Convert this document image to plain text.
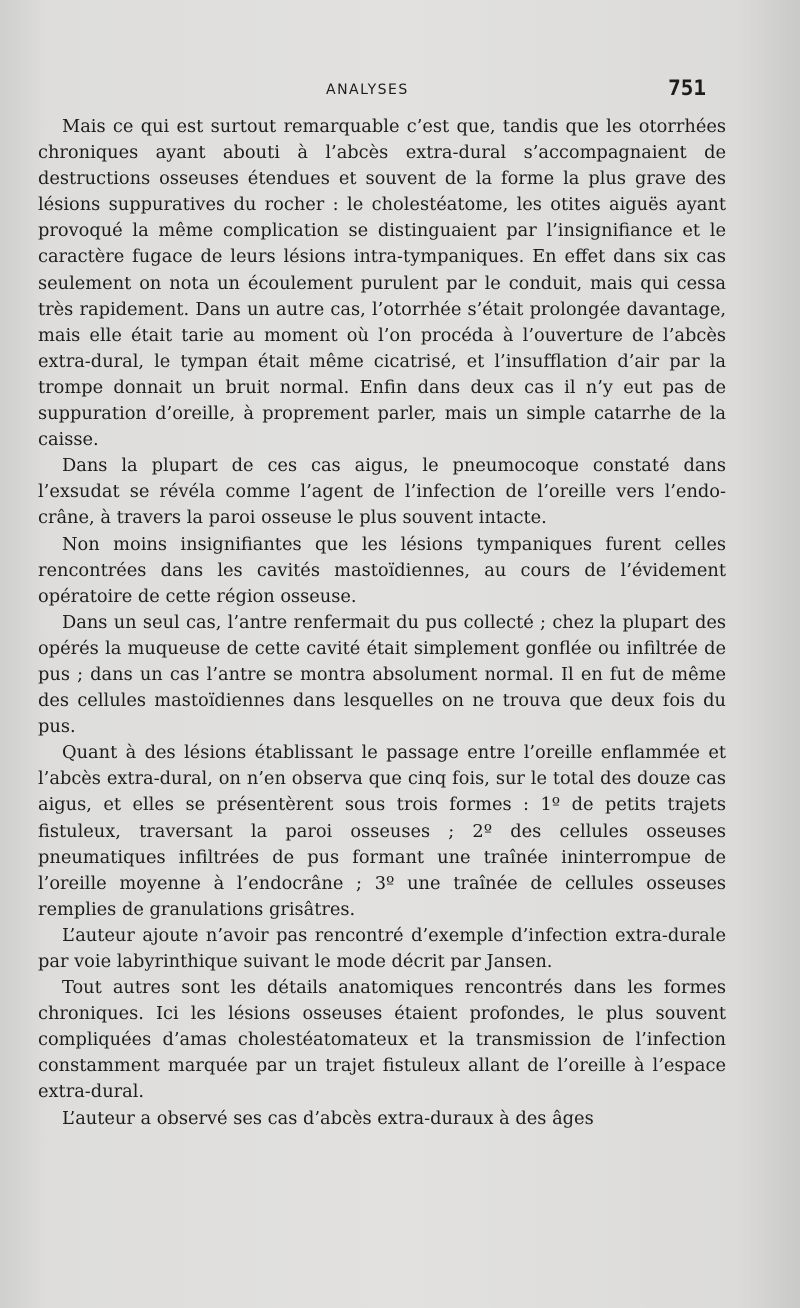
ANALYSES	751

Mais ce qui est surtout remarquable c’est que, tandis que les otorrhées chroniques ayant abouti à l’abcès extra-dural s’accompagnaient de destructions osseuses étendues et souvent de la forme la plus grave des lésions suppuratives du rocher : le cholestéatome, les otites aiguës ayant provoqué la même complication se distinguaient par l’insignifiance et le caractère fugace de leurs lésions intra-tympaniques. En effet dans six cas seulement on nota un écoulement purulent par le conduit, mais qui cessa très rapidement. Dans un autre cas, l’otorrhée s’était prolongée davantage, mais elle était tarie au moment où l’on procéda à l’ouverture de l’abcès extra-dural, le tympan était même cicatrisé, et l’insufflation d’air par la trompe donnait un bruit normal. Enfin dans deux cas il n’y eut pas de suppuration d’oreille, à proprement parler, mais un simple catarrhe de la caisse.

Dans la plupart de ces cas aigus, le pneumocoque constaté dans l’exsudat se révéla comme l’agent de l’infection de l’oreille vers l’endo-crâne, à travers la paroi osseuse le plus souvent intacte.

Non moins insignifiantes que les lésions tympaniques furent celles rencontrées dans les cavités mastoïdiennes, au cours de l’évidement opératoire de cette région osseuse.

Dans un seul cas, l’antre renfermait du pus collecté ; chez la plupart des opérés la muqueuse de cette cavité était simplement gonflée ou infiltrée de pus ; dans un cas l’antre se montra absolument normal. Il en fut de même des cellules mastoïdiennes dans lesquelles on ne trouva que deux fois du pus.

Quant à des lésions établissant le passage entre l’oreille enflammée et l’abcès extra-dural, on n’en observa que cinq fois, sur le total des douze cas aigus, et elles se présentèrent sous trois formes : 1º de petits trajets fistuleux, traversant la paroi osseuses ; 2º des cellules osseuses pneumatiques infiltrées de pus formant une traînée ininterrompue de l’oreille moyenne à l’endocrâne ; 3º une traînée de cellules osseuses remplies de granulations grisâtres.

L’auteur ajoute n’avoir pas rencontré d’exemple d’infection extra-durale par voie labyrinthique suivant le mode décrit par Jansen.

Tout autres sont les détails anatomiques rencontrés dans les formes chroniques. Ici les lésions osseuses étaient profondes, le plus souvent compliquées d’amas cholestéatomateux et la transmission de l’infection constamment marquée par un trajet fistuleux allant de l’oreille à l’espace extra-dural.

L’auteur a observé ses cas d’abcès extra-duraux à des âges
